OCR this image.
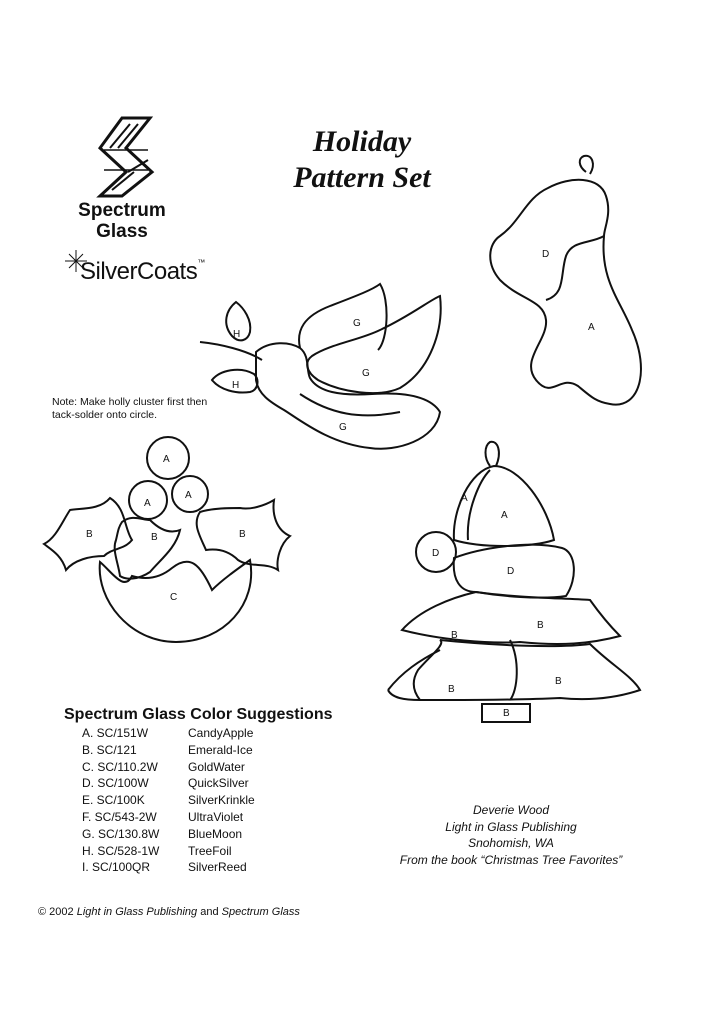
D
A
H
H
G
G
G
A
A
A
B	B	B
C
A
A
D
D
B
B
B
B
B
Spectrum
Glass
SilverCoats™
Holiday
Pattern Set
Note: Make holly cluster first then tack-solder onto circle.
Spectrum Glass Color Suggestions
A. SC/151W	CandyApple
B. SC/121	Emerald-Ice
C. SC/110.2W	GoldWater
D. SC/100W	QuickSilver
E. SC/100K	SilverKrinkle
F. SC/543-2W	UltraViolet
G. SC/130.8W	BlueMoon
H. SC/528-1W	TreeFoil
I. SC/100QR	SilverReed
Deverie Wood
Light in Glass Publishing
Snohomish, WA
From the book “Christmas Tree Favorites”
© 2002 Light in Glass Publishing and Spectrum Glass
